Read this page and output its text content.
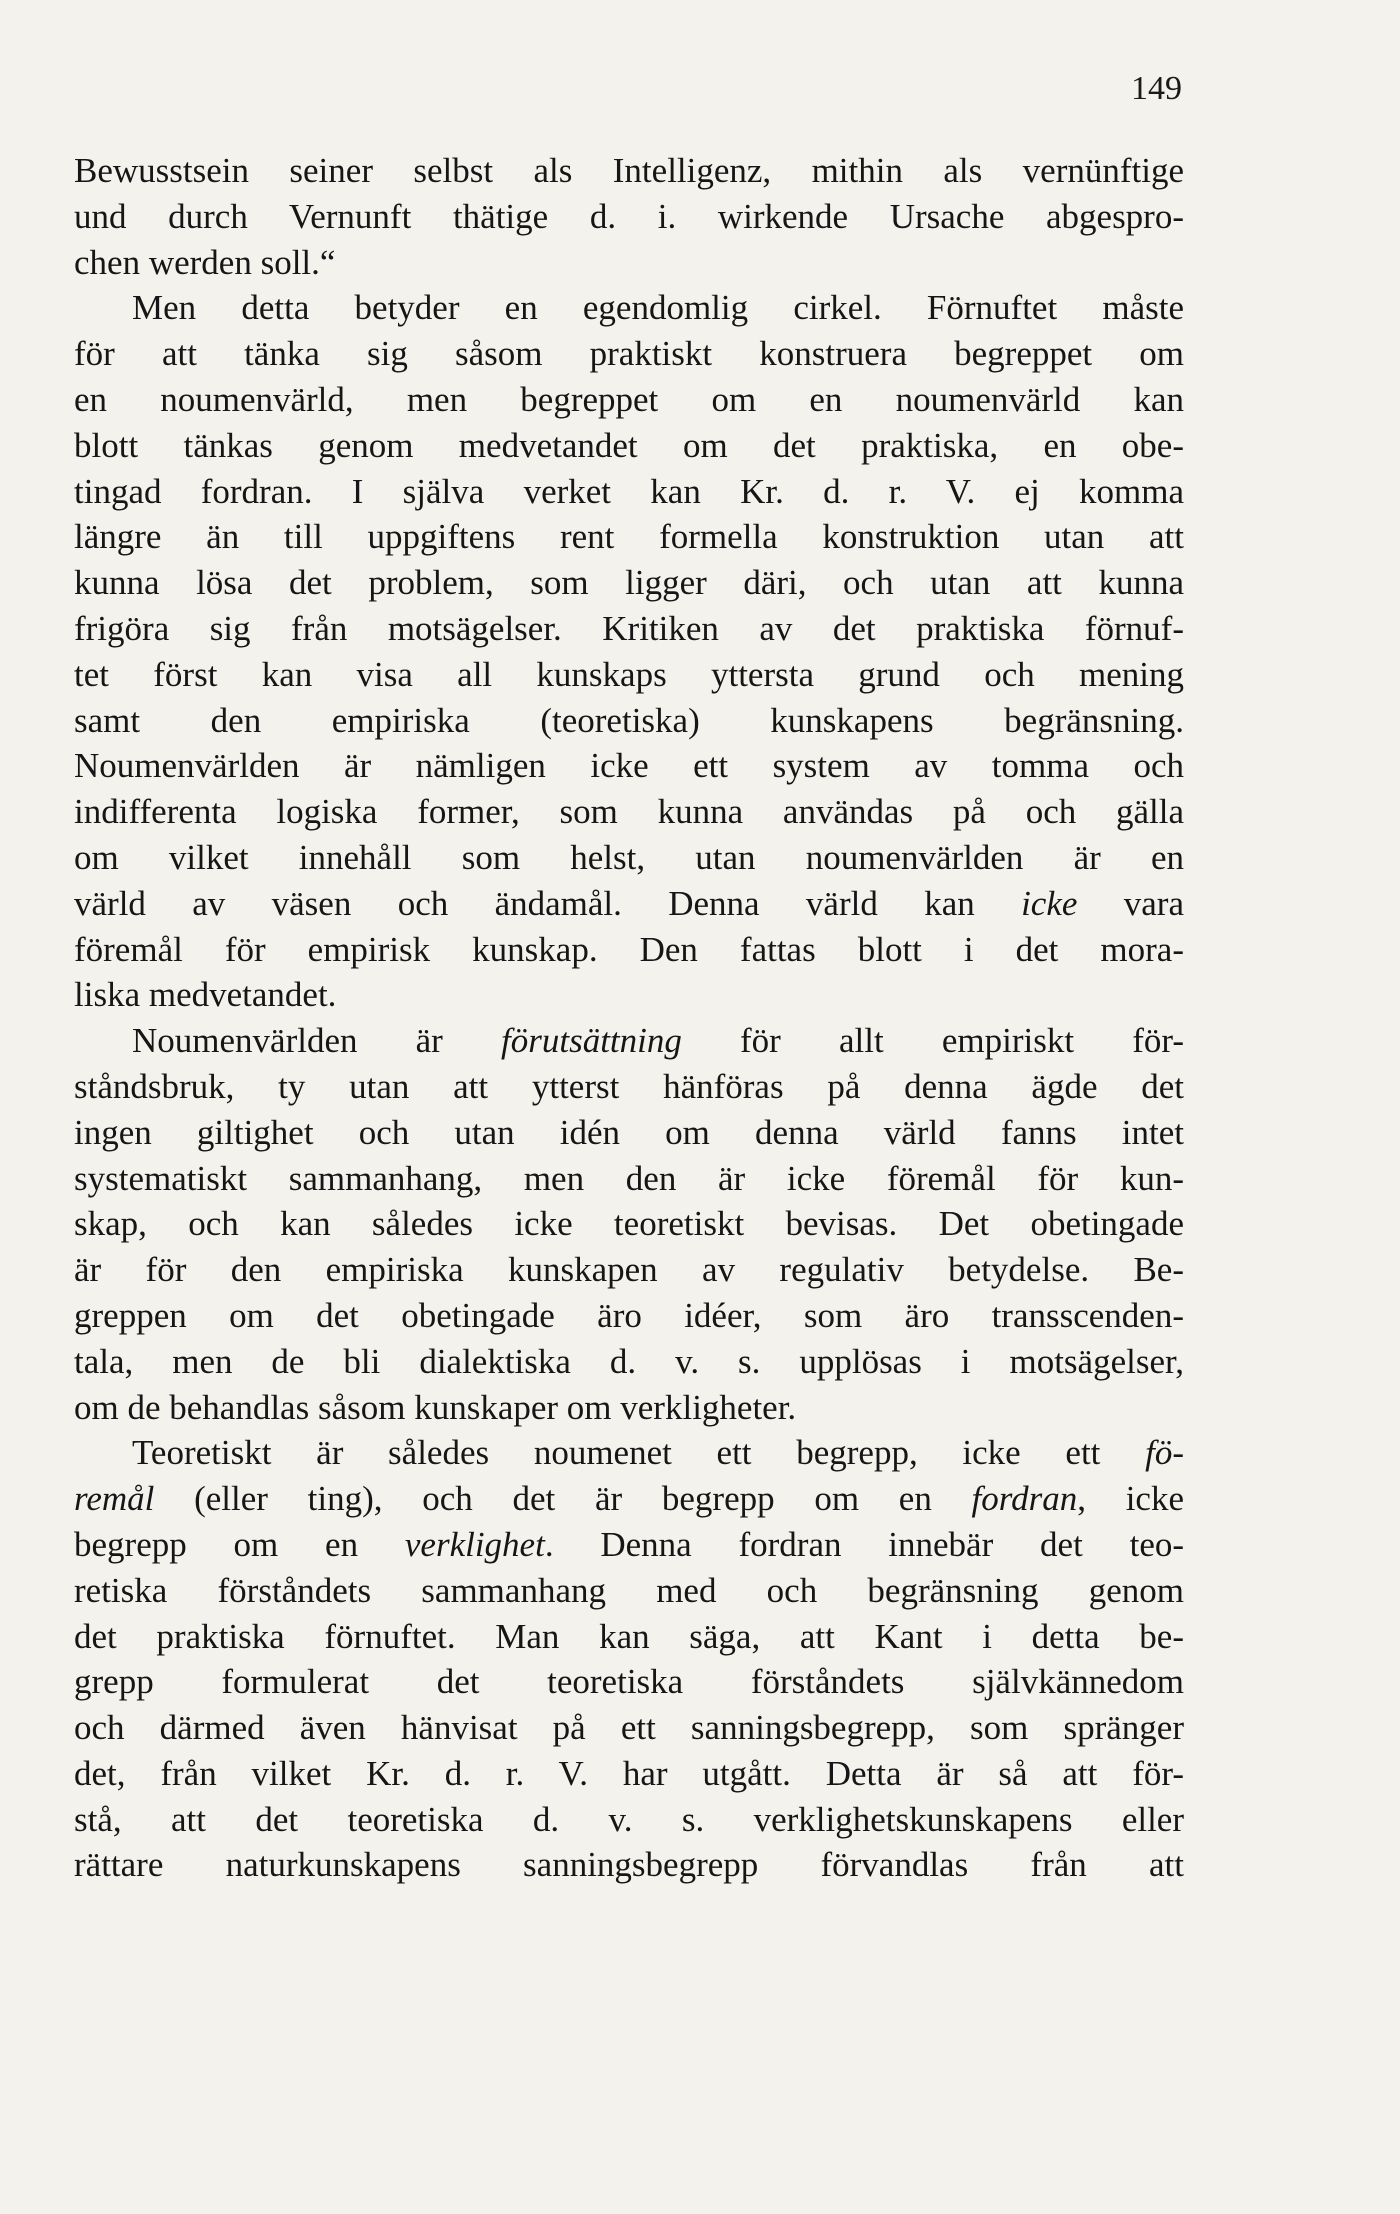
149
Bewusstsein seiner selbst als Intelligenz, mithin als vernünftige
und durch Vernunft thätige d. i. wirkende Ursache abgespro-
chen werden soll.“
Men detta betyder en egendomlig cirkel. Förnuftet måste
för att tänka sig såsom praktiskt konstruera begreppet om
en noumenvärld, men begreppet om en noumenvärld kan
blott tänkas genom medvetandet om det praktiska, en obe-
tingad fordran. I själva verket kan Kr. d. r. V. ej komma
längre än till uppgiftens rent formella konstruktion utan att
kunna lösa det problem, som ligger däri, och utan att kunna
frigöra sig från motsägelser. Kritiken av det praktiska förnuf-
tet först kan visa all kunskaps yttersta grund och mening
samt den empiriska (teoretiska) kunskapens begränsning.
Noumenvärlden är nämligen icke ett system av tomma och
indifferenta logiska former, som kunna användas på och gälla
om vilket innehåll som helst, utan noumenvärlden är en
värld av väsen och ändamål. Denna värld kan icke vara
föremål för empirisk kunskap. Den fattas blott i det mora-
liska medvetandet.
Noumenvärlden är förutsättning för allt empiriskt för-
ståndsbruk, ty utan att ytterst hänföras på denna ägde det
ingen giltighet och utan idén om denna värld fanns intet
systematiskt sammanhang, men den är icke föremål för kun-
skap, och kan således icke teoretiskt bevisas. Det obetingade
är för den empiriska kunskapen av regulativ betydelse. Be-
greppen om det obetingade äro idéer, som äro transscenden-
tala, men de bli dialektiska d. v. s. upplösas i motsägelser,
om de behandlas såsom kunskaper om verkligheter.
Teoretiskt är således noumenet ett begrepp, icke ett fö-
remål (eller ting), och det är begrepp om en fordran, icke
begrepp om en verklighet. Denna fordran innebär det teo-
retiska förståndets sammanhang med och begränsning genom
det praktiska förnuftet. Man kan säga, att Kant i detta be-
grepp formulerat det teoretiska förståndets självkännedom
och därmed även hänvisat på ett sanningsbegrepp, som spränger
det, från vilket Kr. d. r. V. har utgått. Detta är så att för-
stå, att det teoretiska d. v. s. verklighetskunskapens eller
rättare naturkunskapens sanningsbegrepp förvandlas från att
